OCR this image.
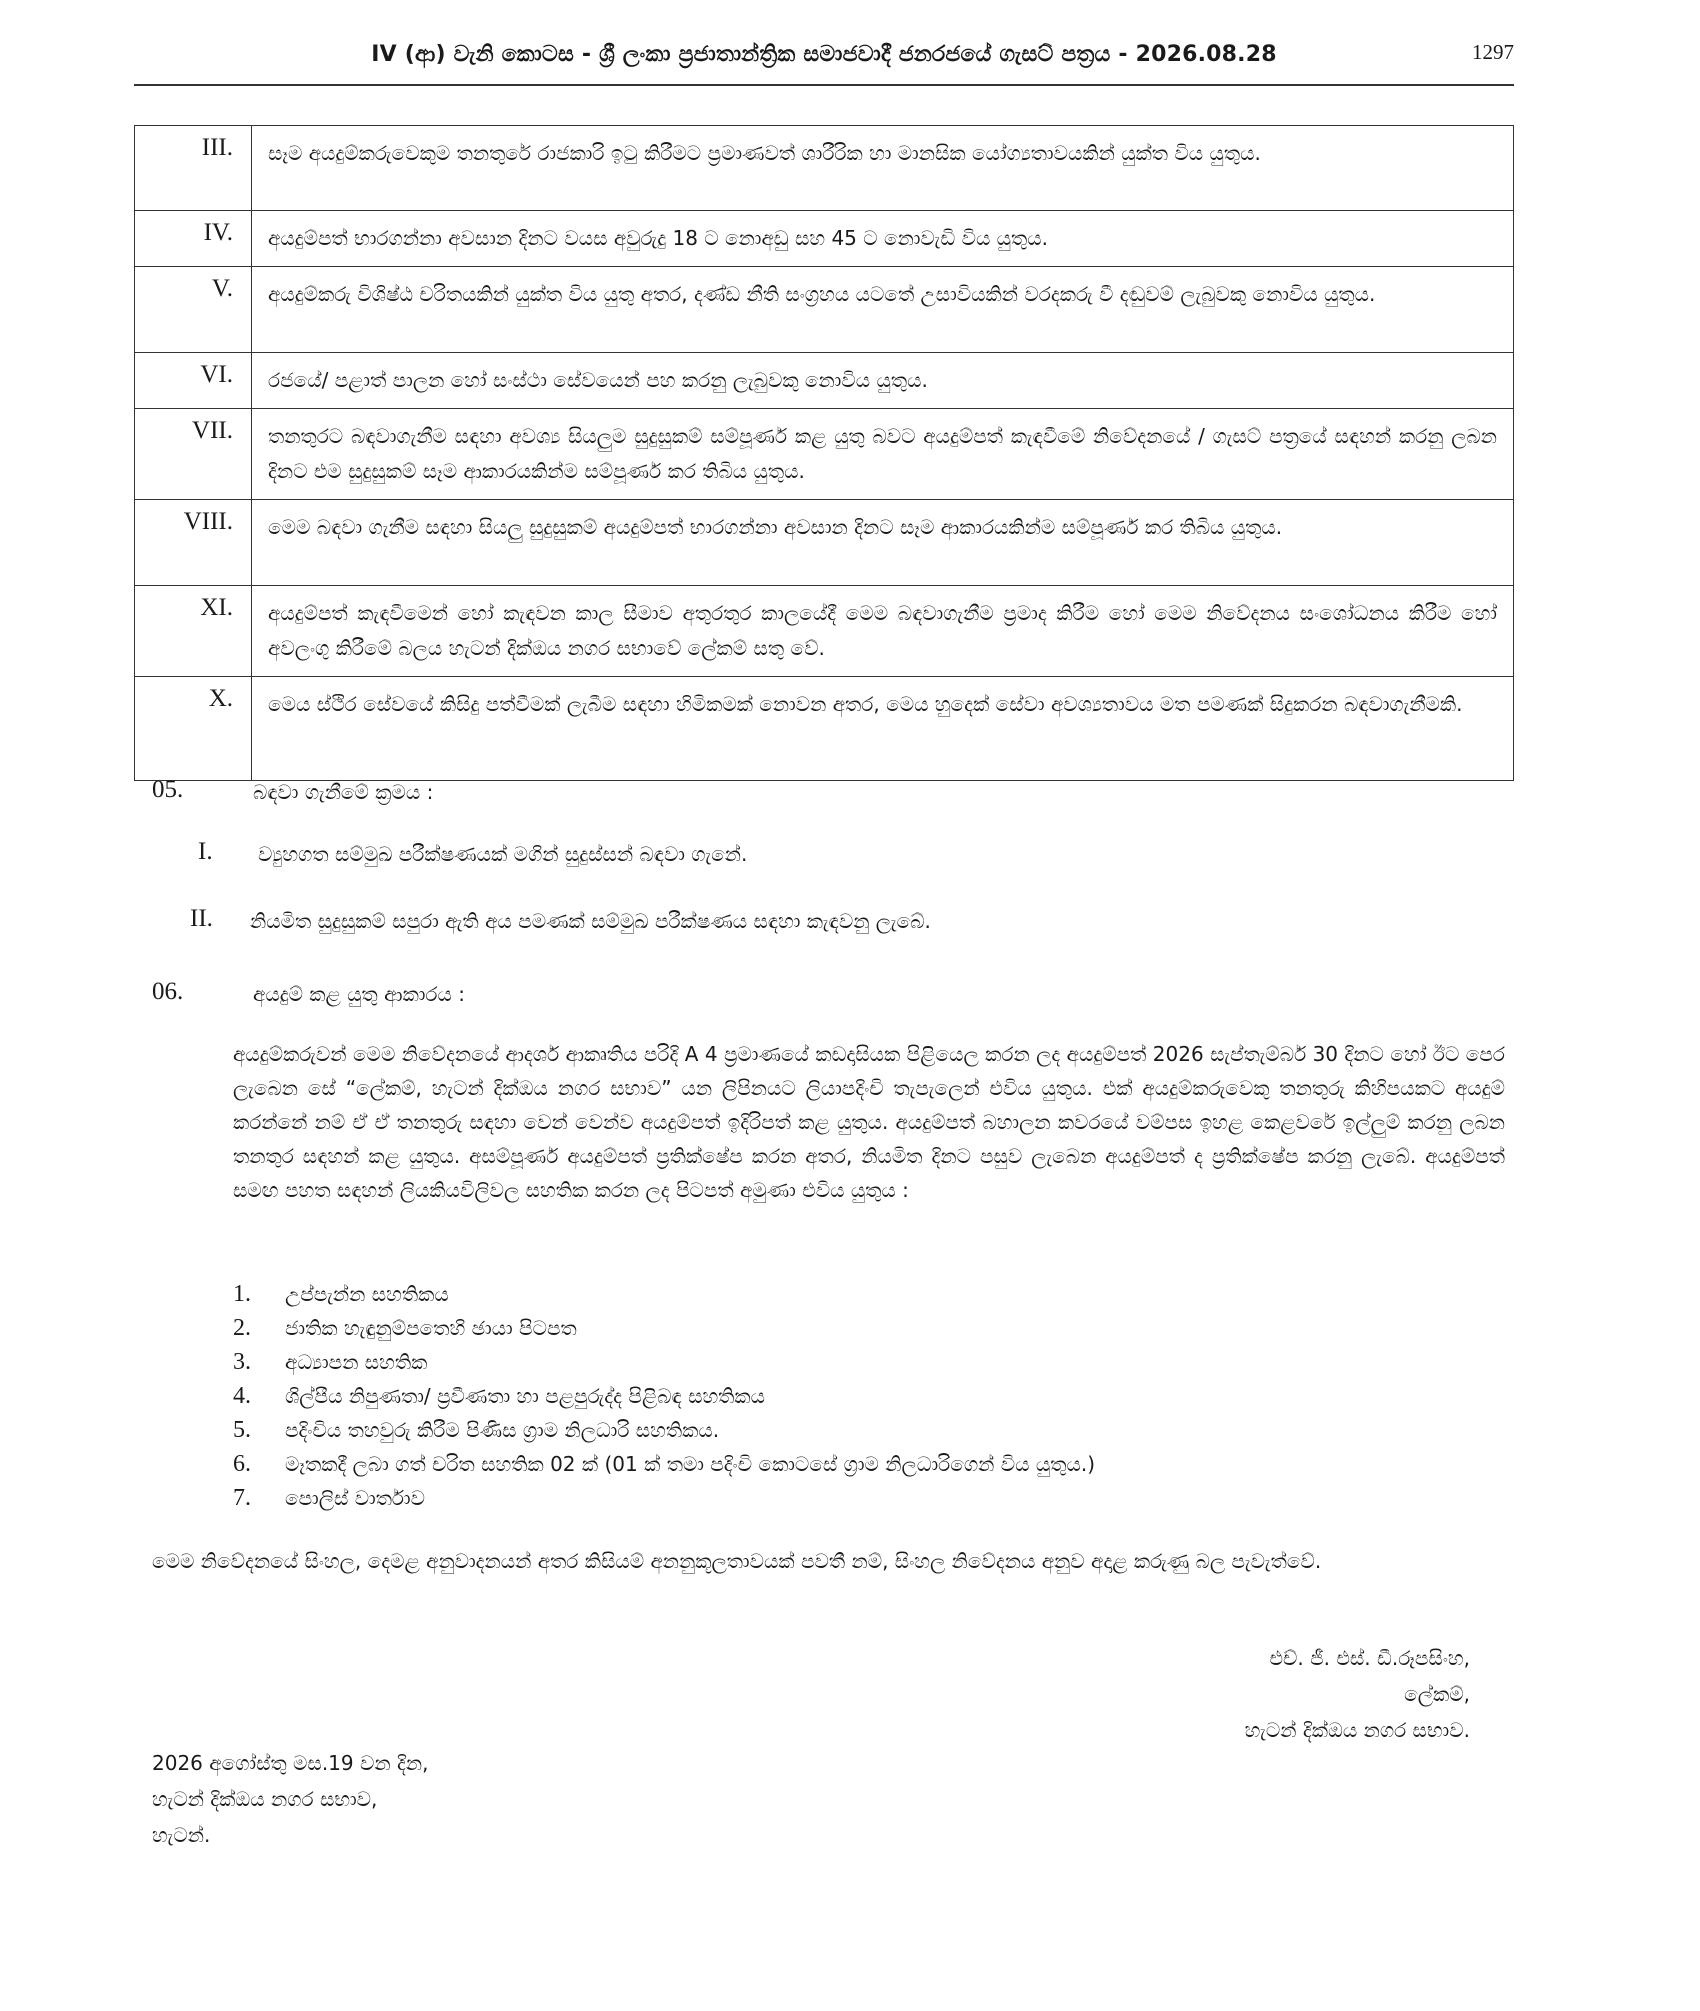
IV (ආ) වැනි කොටස - ශ්‍රී ලංකා ප්‍රජාතාන්ත්‍රික සමාජවාදී ජනරජයේ ගැසට් පත්‍රය - 2026.08.28	1297
III.	සෑම අයදුම්කරුවෙකුම තනතුරේ රාජකාරි ඉටු කිරීමට ප්‍රමාණවත් ශාරීරික හා මානසික යෝග්‍යතාවයකින් යුක්ත විය යුතුය.
IV.	අයදුම්පත් භාරගන්නා අවසාන දිනට වයස අවුරුදු 18 ට නොඅඩු සහ 45 ට නොවැඩි විය යුතුය.
V.	අයදුම්කරු විශිෂ්ඨ චරිතයකින් යුක්ත විය යුතු අතර, දණ්ඩ නීති සංග්‍රහය යටතේ උසාවියකින් වරදකරු වී දඬුවම් ලැබුවකු නොවිය යුතුය.
VI.	රජයේ/ පළාත් පාලන හෝ සංස්ථා සේවයෙන් පහ කරනු ලැබුවකු නොවිය යුතුය.
VII.	තනතුරට බඳවාගැනීම සඳහා අවශ්‍ය සියලුම සුදුසුකම් සම්පූර්ණ කළ යුතු බවට අයදුම්පත් කැඳවීමේ නිවේදනයේ / ගැසට් පත්‍රයේ සඳහන් කරනු ලබන දිනට එම සුදුසුකම් සෑම ආකාරයකින්ම සම්පූර්ණ කර තිබිය යුතුය.
VIII.	මෙම බඳවා ගැනීම සඳහා සියලු සුදුසුකම් අයදුම්පත් භාරගන්නා අවසාන දිනට සෑම ආකාරයකින්ම සම්පූර්ණ කර තිබිය යුතුය.
XI.	අයදුම්පත් කැඳවීමෙන් හෝ කැඳවන කාල සීමාව අතුරතුර කාලයේදී මෙම බඳවාගැනීම ප්‍රමාද කිරීම හෝ මෙම නිවේදනය සංශෝධනය කිරීම හෝ අවලංගු කිරීමේ බලය හැටන් දික්ඔය නගර සභාවේ ලේකම් සතු වේ.
X.	මෙය ස්ථිර සේවයේ කිසිදු පත්වීමක් ලැබීම සඳහා හිමිකමක් නොවන අතර, මෙය හුදෙක් සේවා අවශ්‍යතාවය මත පමණක් සිදුකරන බඳවාගැනීමකි.
05.	බඳවා ගැනීමේ ක්‍රමය :
I. ව්‍යුහගත සම්මුඛ පරීක්ෂණයක් මගින් සුදුස්සන් බඳවා ගැනේ.
II. නියමිත සුදුසුකම් සපුරා ඇති අය පමණක් සම්මුඛ පරීක්ෂණය සඳහා කැඳවනු ලැබේ.
06.	අයදුම් කළ යුතු ආකාරය :
අයදුම්කරුවන් මෙම නිවේදනයේ ආදර්ශ ආකෘතිය පරිදි A 4 ප්‍රමාණයේ කඩදාසියක පිළියෙල කරන ලද අයදුම්පත් 2026 සැප්තැම්බර් 30 දිනට හෝ ඊට පෙර ලැබෙන සේ “ලේකම්, හැටන් දික්ඔය නගර සභාව” යන ලිපිනයට ලියාපදිංචි තැපැලෙන් එවිය යුතුය. එක් අයදුම්කරුවෙකු තනතුරු කිහිපයකට අයදුම් කරන්නේ නම් ඒ ඒ තනතුරු සඳහා වෙන් වෙන්ව අයදුම්පත් ඉදිරිපත් කළ යුතුය. අයදුම්පත් බහාලන කවරයේ වම්පස ඉහළ කෙළවරේ ඉල්ලුම් කරනු ලබන තනතුර සඳහන් කළ යුතුය. අසම්පූර්ණ අයදුම්පත් ප්‍රතික්ෂේප කරන අතර, නියමිත දිනට පසුව ලැබෙන අයදුම්පත් ද ප්‍රතික්ෂේප කරනු ලැබේ. අයදුම්පත් සමඟ පහත සඳහන් ලියකියවිලිවල සහතික කරන ලද පිටපත් අමුණා එවිය යුතුය :
1. උප්පැන්න සහතිකය
2. ජාතික හැඳුනුම්පතෙහි ඡායා පිටපත
3. අධ්‍යාපන සහතික
4. ශිල්පීය නිපුණතා/ ප්‍රවීණතා හා පළපුරුද්ද පිළිබඳ සහතිකය
5. පදිංචිය තහවුරු කිරීම පිණිස ග්‍රාම නිලධාරි සහතිකය.
6. මෑතකදී ලබා ගත් චරිත සහතික 02 ක් (01 ක් තමා පදිංචි කොටසේ ග්‍රාම නිලධාරිගෙන් විය යුතුය.)
7. පොලිස් වාර්තාව
මෙම නිවේදනයේ සිංහල, දෙමළ අනුවාදනයන් අතර කිසියම් අනනුකූලතාවයක් පවතී නම්, සිංහල නිවේදනය අනුව අදාළ කරුණු බල පැවැත්වේ.
එච්. ජී. එස්. ඩී.රූපසිංහ,
ලේකම්,
හැටන් දික්ඔය නගර සභාව.
2026 අගෝස්තු මස.19 වන දින,
හැටන් දික්ඔය නගර සභාව,
හැටන්.
